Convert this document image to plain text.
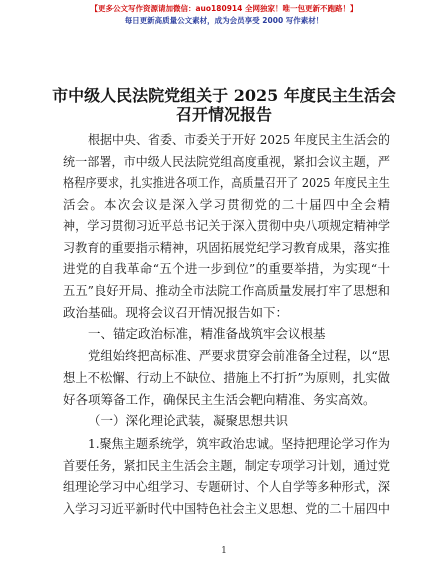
【更多公文写作资源请加微信：auo180914 全网独家！唯一包更新不跑路！】
每日更新高质量公文素材，成为会员享受 2000 写作素材！
市中级人民法院党组关于 2025 年度民主生活会
召开情况报告
根据中央、省委、市委关于开好 2025 年度民主生活会的
统一部署，市中级人民法院党组高度重视，紧扣会议主题，严
格程序要求，扎实推进各项工作，高质量召开了 2025 年度民主生
活会。本次会议是深入学习贯彻党的二十届四中全会精
神，学习贯彻习近平总书记关于深入贯彻中央八项规定精神学
习教育的重要指示精神，巩固拓展党纪学习教育成果，落实推
进党的自我革命“五个进一步到位”的重要举措，为实现“十
五五”良好开局、推动全市法院工作高质量发展打牢了思想和
政治基础。现将会议召开情况报告如下：
一、锚定政治标准，精准备战筑牢会议根基
党组始终把高标准、严要求贯穿会前准备全过程，以“思
想上不松懈、行动上不缺位、措施上不打折”为原则，扎实做
好各项筹备工作，确保民主生活会靶向精准、务实高效。
（一）深化理论武装，凝聚思想共识
1.聚焦主题系统学，筑牢政治忠诚。坚持把理论学习作为
首要任务，紧扣民主生活会主题，制定专项学习计划，通过党
组理论学习中心组学习、专题研讨、个人自学等多种形式，深
入学习习近平新时代中国特色社会主义思想、党的二十届四中
1
